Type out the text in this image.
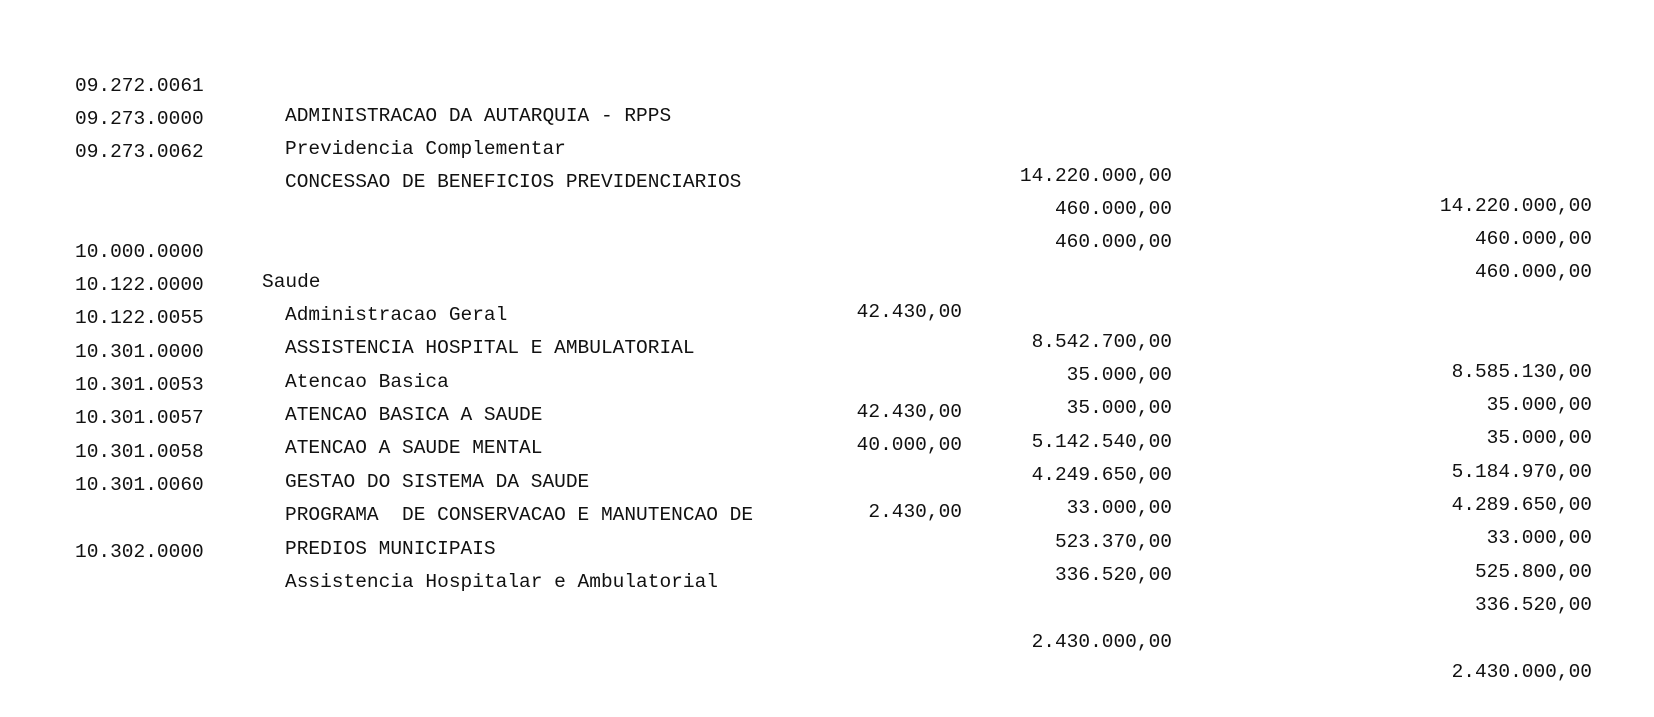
09.272.0061

ADMINISTRACAO DA AUTARQUIA - RPPS

14.220.000,00

14.220.000,00

09.273.0000

Previdencia Complementar

460.000,00

460.000,00

09.273.0062

CONCESSAO DE BENEFICIOS PREVIDENCIARIOS

460.000,00

460.000,00

10.000.0000

Saude

42.430,00

8.542.700,00

8.585.130,00

10.122.0000

Administracao Geral

35.000,00

35.000,00

10.122.0055

ASSISTENCIA HOSPITAL E AMBULATORIAL

35.000,00

35.000,00

10.301.0000

Atencao Basica

42.430,00

5.142.540,00

5.184.970,00

10.301.0053

ATENCAO BASICA A SAUDE

40.000,00

4.249.650,00

4.289.650,00

10.301.0057

ATENCAO A SAUDE MENTAL

33.000,00

33.000,00

10.301.0058

GESTAO DO SISTEMA DA SAUDE

2.430,00

523.370,00

525.800,00

10.301.0060

PROGRAMA  DE CONSERVACAO E MANUTENCAO DE

336.520,00

336.520,00

PREDIOS MUNICIPAIS

10.302.0000

Assistencia Hospitalar e Ambulatorial

2.430.000,00

2.430.000,00
